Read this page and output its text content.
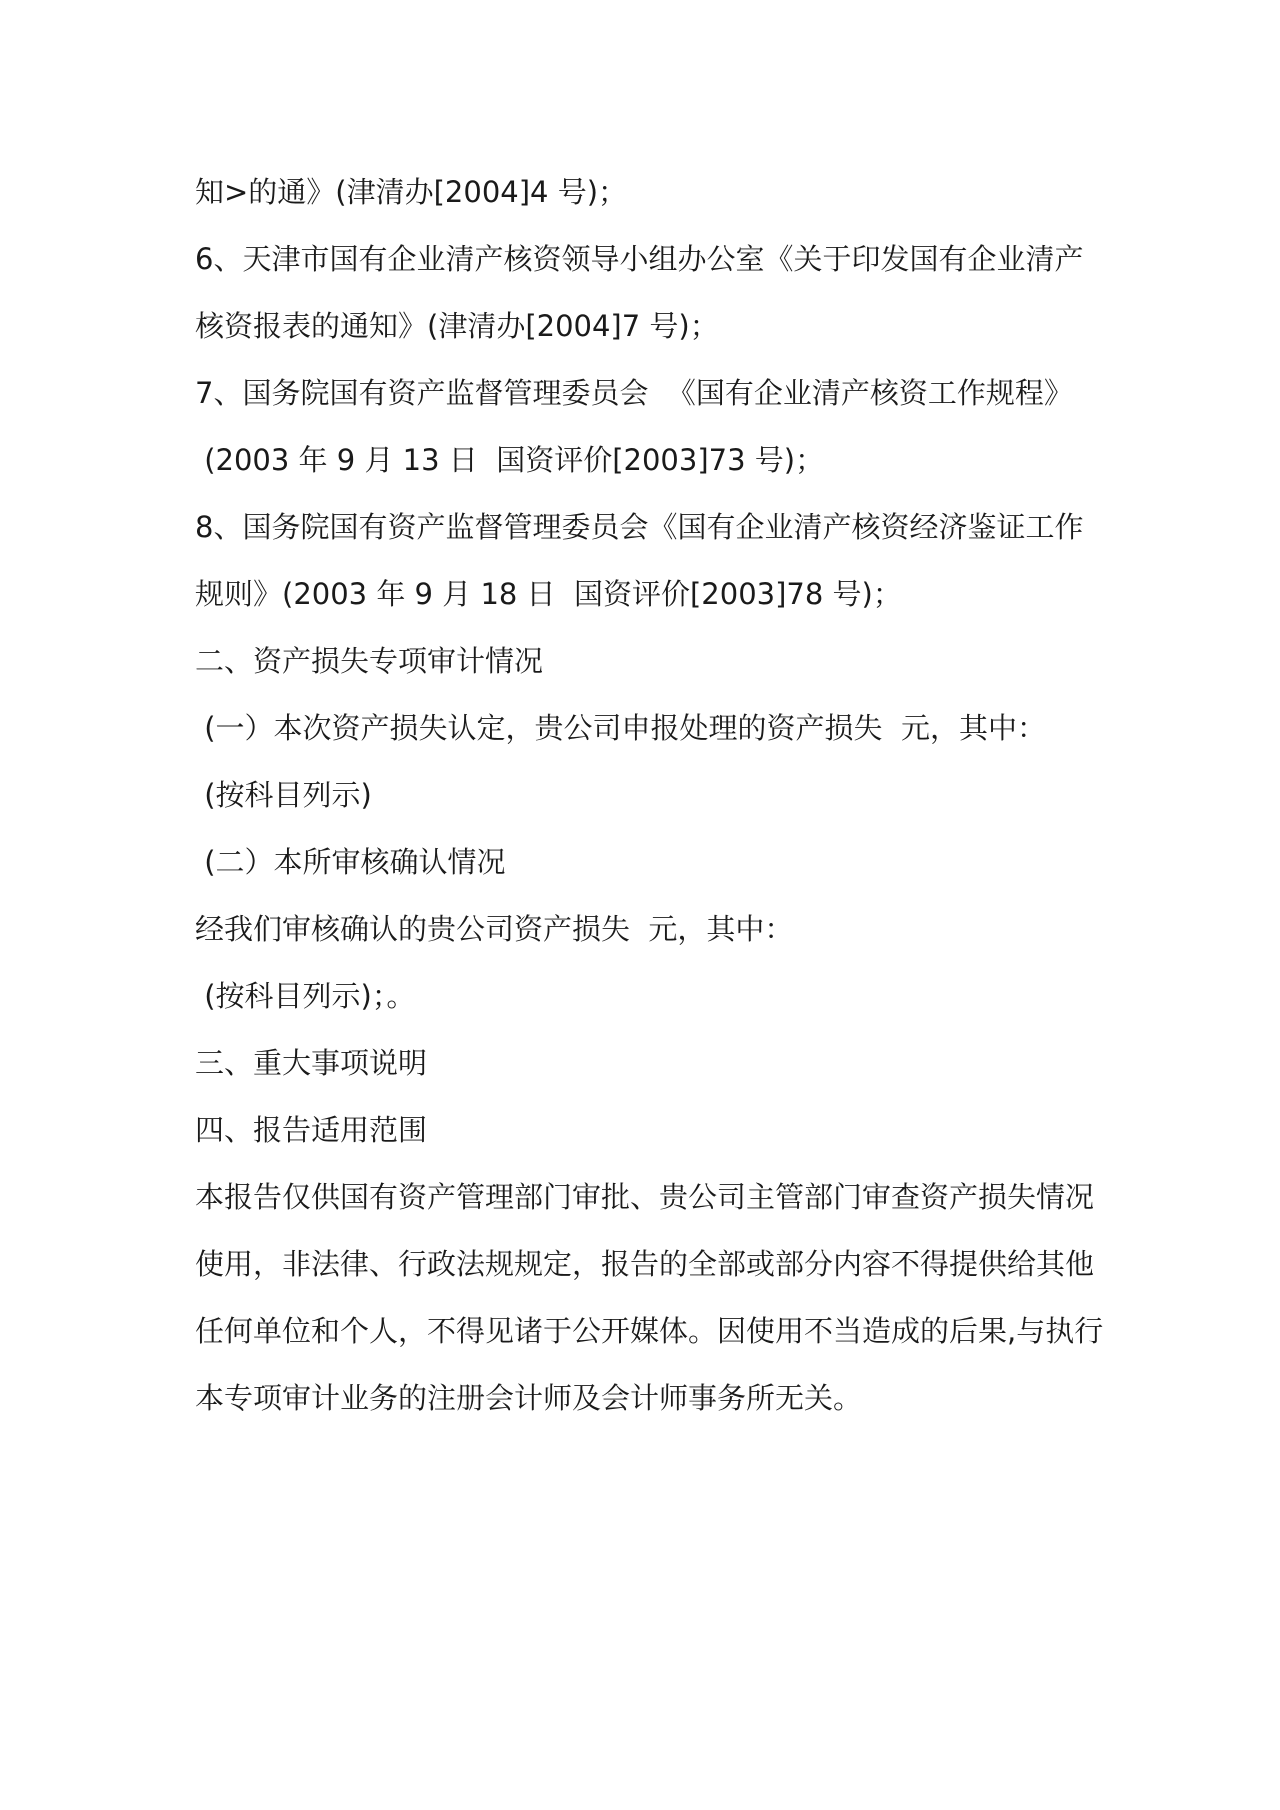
知>的通》(津清办[2004]4 号)；
6、天津市国有企业清产核资领导小组办公室《关于印发国有企业清产
核资报表的通知》(津清办[2004]7 号)；
7、国务院国有资产监督管理委员会  《国有企业清产核资工作规程》
(2003 年 9 月 13 日  国资评价[2003]73 号)；
8、国务院国有资产监督管理委员会《国有企业清产核资经济鉴证工作
规则》(2003 年 9 月 18 日  国资评价[2003]78 号)；
二、资产损失专项审计情况
(一）本次资产损失认定，贵公司申报处理的资产损失  元，其中：
(按科目列示)
(二）本所审核确认情况
经我们审核确认的贵公司资产损失  元，其中：
(按科目列示)；。
三、重大事项说明
四、报告适用范围
本报告仅供国有资产管理部门审批、贵公司主管部门审查资产损失情况
使用，非法律、行政法规规定，报告的全部或部分内容不得提供给其他
任何单位和个人，不得见诸于公开媒体。因使用不当造成的后果,与执行
本专项审计业务的注册会计师及会计师事务所无关。
